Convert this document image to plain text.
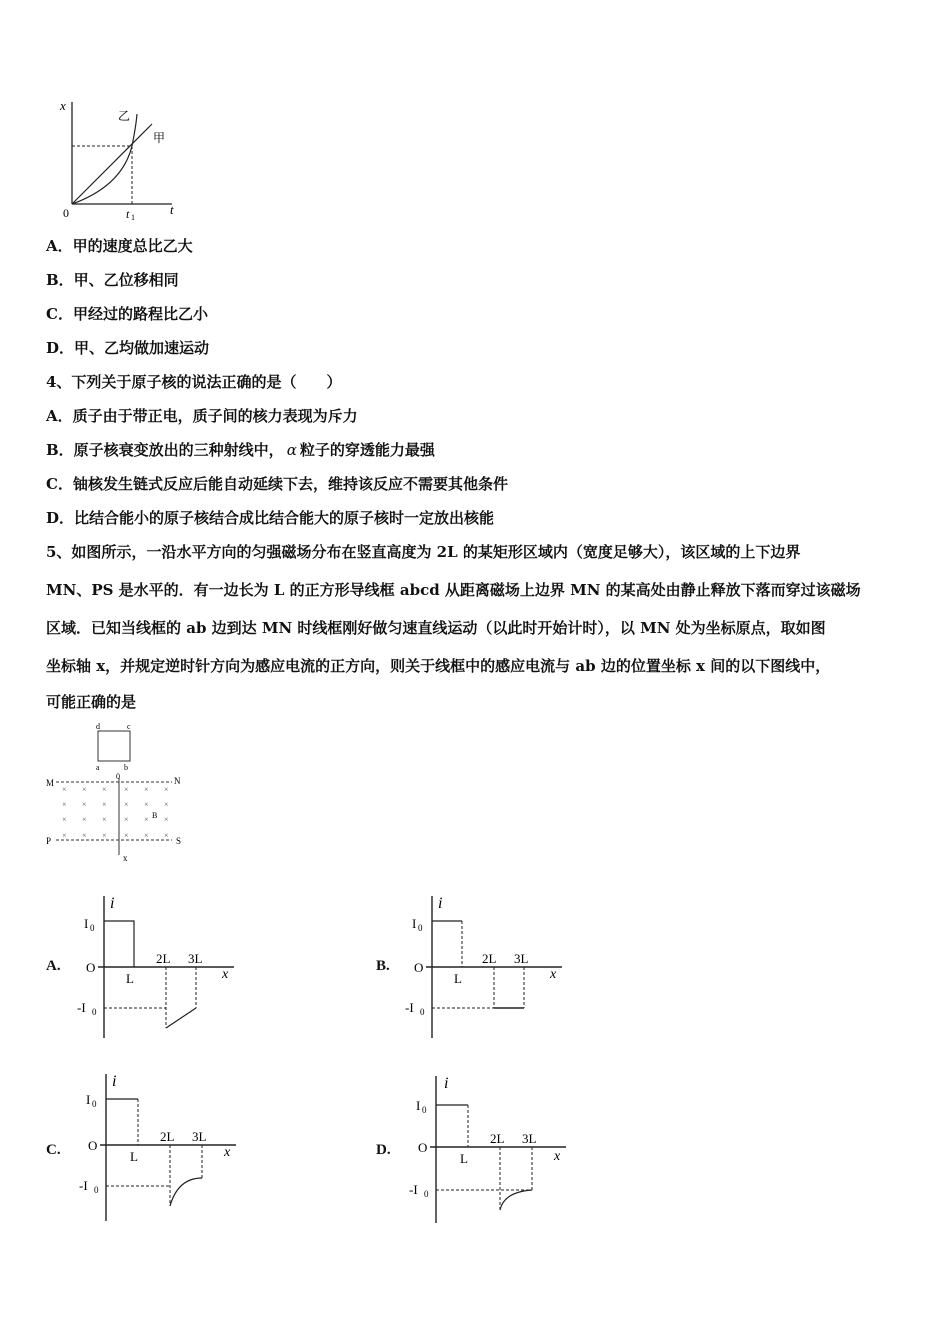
x
t
0	t 1
乙
甲
A．甲的速度总比乙大
B．甲、乙位移相同
C．甲经过的路程比乙小
D．甲、乙均做加速运动
4、下列关于原子核的说法正确的是（　　）
A．质子由于带正电，质子间的核力表现为斥力
B．原子核衰变放出的三种射线中， α 粒子的穿透能力最强
C．铀核发生链式反应后能自动延续下去，维持该反应不需要其他条件
D．比结合能小的原子核结合成比结合能大的原子核时一定放出核能
5、如图所示，一沿水平方向的匀强磁场分布在竖直高度为 2L 的某矩形区域内（宽度足够大），该区域的上下边界
MN、PS 是水平的．有一边长为 L 的正方形导线框 abcd 从距离磁场上边界 MN 的某高处由静止释放下落而穿过该磁场
区域．已知当线框的 ab 边到达 MN 时线框刚好做匀速直线运动（以此时开始计时），以 MN 处为坐标原点，取如图
坐标轴 x，并规定逆时针方向为感应电流的正方向，则关于线框中的感应电流与 ab 边的位置坐标 x 间的以下图线中，
可能正确的是
d	c
a	b
M	N
P	S
0
B
x
× × × × × ×
× × × × × ×
× × × × × ×
× × × × × ×
A.
i
I 0
O
-I 0
L
2L 3L
x
B.
i
I 0
O
-I 0
L
2L 3L
x
C.
i
I 0
O
-I 0
L
2L 3L
x	D.
i
I 0
O
-I 0
L
2L 3L
x
